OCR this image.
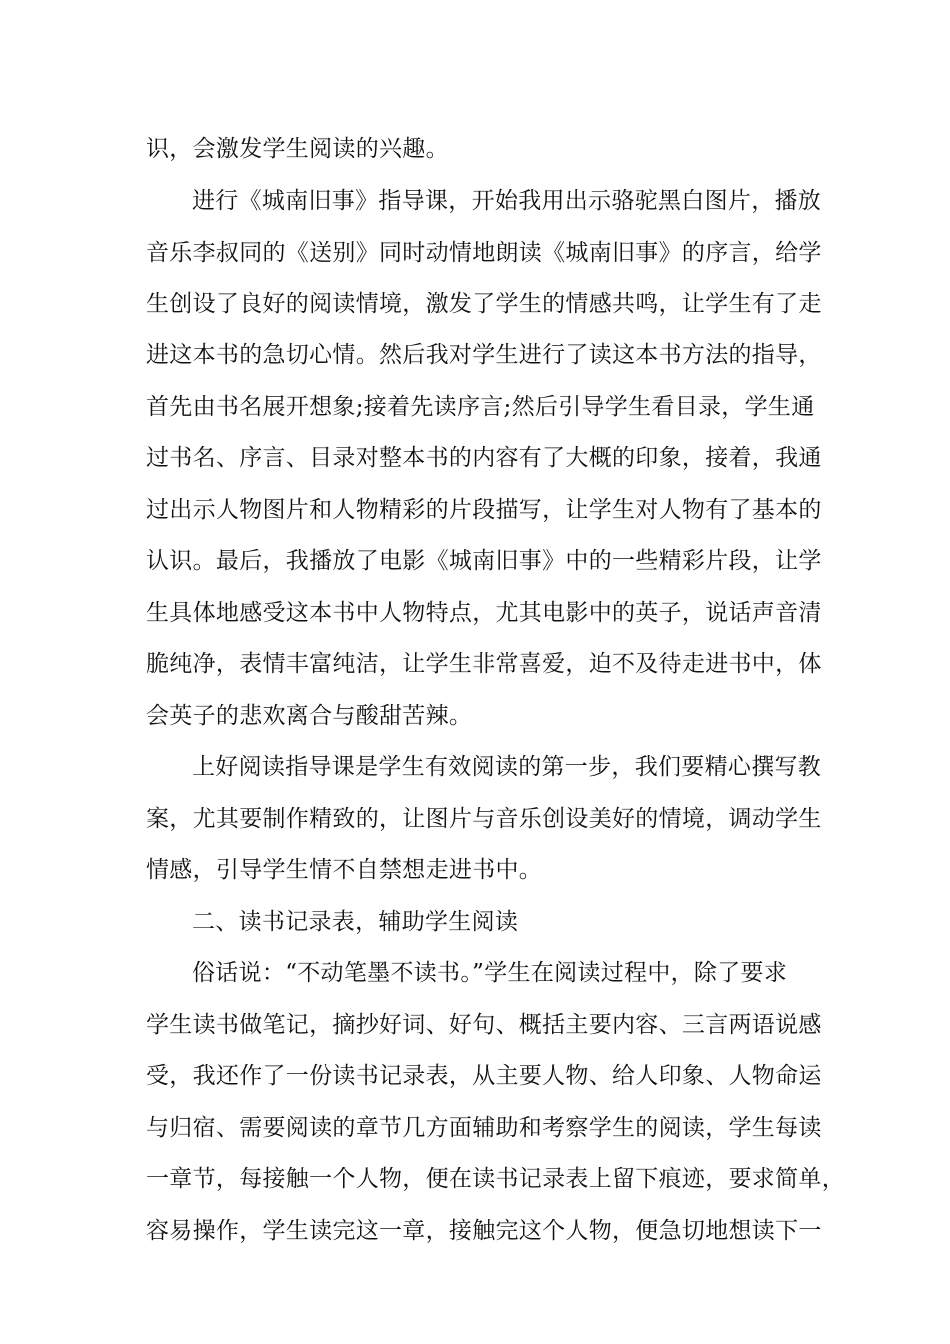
识，会激发学生阅读的兴趣。
进行《城南旧事》指导课，开始我用出示骆驼黑白图片，播放
音乐李叔同的《送别》同时动情地朗读《城南旧事》的序言，给学
生创设了良好的阅读情境，激发了学生的情感共鸣，让学生有了走
进这本书的急切心情。然后我对学生进行了读这本书方法的指导，
首先由书名展开想象;接着先读序言;然后引导学生看目录，学生通
过书名、序言、目录对整本书的内容有了大概的印象，接着，我通
过出示人物图片和人物精彩的片段描写，让学生对人物有了基本的
认识。最后，我播放了电影《城南旧事》中的一些精彩片段，让学
生具体地感受这本书中人物特点，尤其电影中的英子，说话声音清
脆纯净，表情丰富纯洁，让学生非常喜爱，迫不及待走进书中，体
会英子的悲欢离合与酸甜苦辣。
上好阅读指导课是学生有效阅读的第一步，我们要精心撰写教
案，尤其要制作精致的，让图片与音乐创设美好的情境，调动学生
情感，引导学生情不自禁想走进书中。
二、读书记录表，辅助学生阅读
俗话说：“不动笔墨不读书。”学生在阅读过程中，除了要求
学生读书做笔记，摘抄好词、好句、概括主要内容、三言两语说感
受，我还作了一份读书记录表，从主要人物、给人印象、人物命运
与归宿、需要阅读的章节几方面辅助和考察学生的阅读，学生每读
一章节，每接触一个人物，便在读书记录表上留下痕迹，要求简单，
容易操作，学生读完这一章，接触完这个人物，便急切地想读下一
